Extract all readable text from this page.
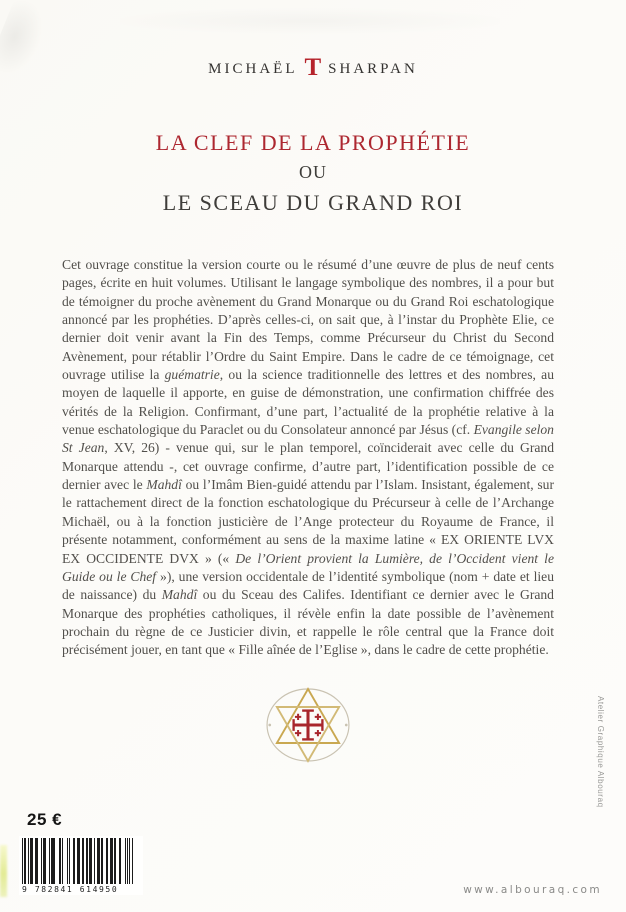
MICHAËL T SHARPAN
LA CLEF DE LA PROPHÉTIE
OU
LE SCEAU DU GRAND ROI

Cet ouvrage constitue la version courte ou le résumé d’une œuvre de plus de neuf cents pages, écrite en huit volumes. Utilisant le langage symbolique des nombres, il a pour but de témoigner du proche avènement du Grand Monarque ou du Grand Roi eschatologique annoncé par les prophéties. D’après celles-ci, on sait que, à l’instar du Prophète Elie, ce dernier doit venir avant la Fin des Temps, comme Précurseur du Christ du Second Avènement, pour rétablir l’Ordre du Saint Empire. Dans le cadre de ce témoignage, cet ouvrage utilise la guématrie, ou la science traditionnelle des lettres et des nombres, au moyen de laquelle il apporte, en guise de démonstration, une confirmation chiffrée des vérités de la Religion. Confirmant, d’une part, l’actualité de la prophétie relative à la venue eschatologique du Paraclet ou du Consolateur annoncé par Jésus (cf. Evangile selon St Jean, XV, 26) - venue qui, sur le plan temporel, coïnciderait avec celle du Grand Monarque attendu -, cet ouvrage confirme, d’autre part, l’identification possible de ce dernier avec le Mahdî ou l’Imâm Bien-guidé attendu par l’Islam. Insistant, également, sur le rattachement direct de la fonction eschatologique du Précurseur à celle de l’Archange Michaël, ou à la fonction justicière de l’Ange protecteur du Royaume de France, il présente notamment, conformément au sens de la maxime latine « EX ORIENTE LVX EX OCCIDENTE DVX » (« De l’Orient provient la Lumière, de l’Occident vient le Guide ou le Chef »), une version occidentale de l’identité symbolique (nom + date et lieu de naissance) du Mahdî ou du Sceau des Califes. Identifiant ce dernier avec le Grand Monarque des prophéties catholiques, il révèle enfin la date possible de l’avènement prochain du règne de ce Justicier divin, et rappelle le rôle central que la France doit précisément jouer, en tant que « Fille aînée de l’Eglise », dans le cadre de cette prophétie.

Atelier Graphique Albouraq
25 €
9 782841 614950	www.albouraq.com
